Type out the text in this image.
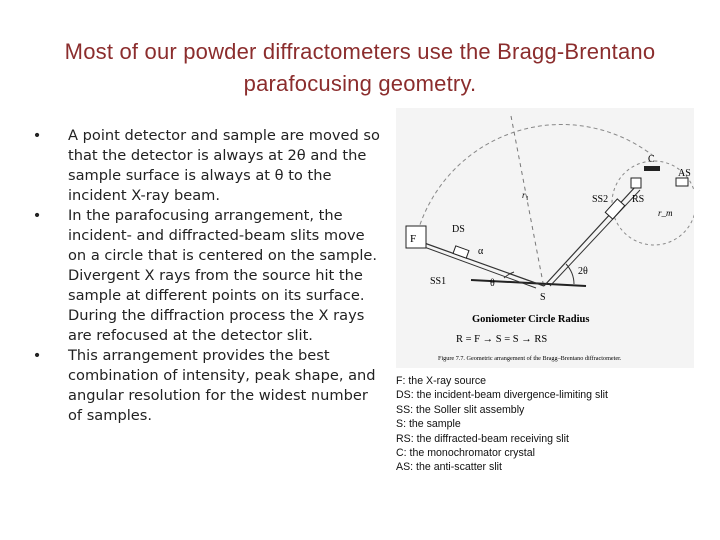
Most of our powder diffractometers use the Bragg-Brentano parafocusing geometry.
• A point detector and sample are moved so that the detector is always at 2θ and the sample surface is always at θ to the incident X-ray beam.
• In the parafocusing arrangement, the incident- and diffracted-beam slits move on a circle that is centered on the sample. Divergent X rays from the source hit the sample at different points on its surface. During the diffraction process the X rays are refocused at the detector slit.
• This arrangement provides the best combination of intensity, peak shape, and angular resolution for the widest number of samples.
F
DS
SS1
SS2 RS
C
AS
S
r₁
r_m
α
θ
2θ
Goniometer Circle Radius
R = F → S = S → RS
Figure 7.7. Geometric arrangement of the Bragg–Brentano diffractometer.
F: the X-ray source
DS: the incident-beam divergence-limiting slit
SS: the Soller slit assembly
S: the sample
RS: the diffracted-beam receiving slit
C: the monochromator crystal
AS: the anti-scatter slit
